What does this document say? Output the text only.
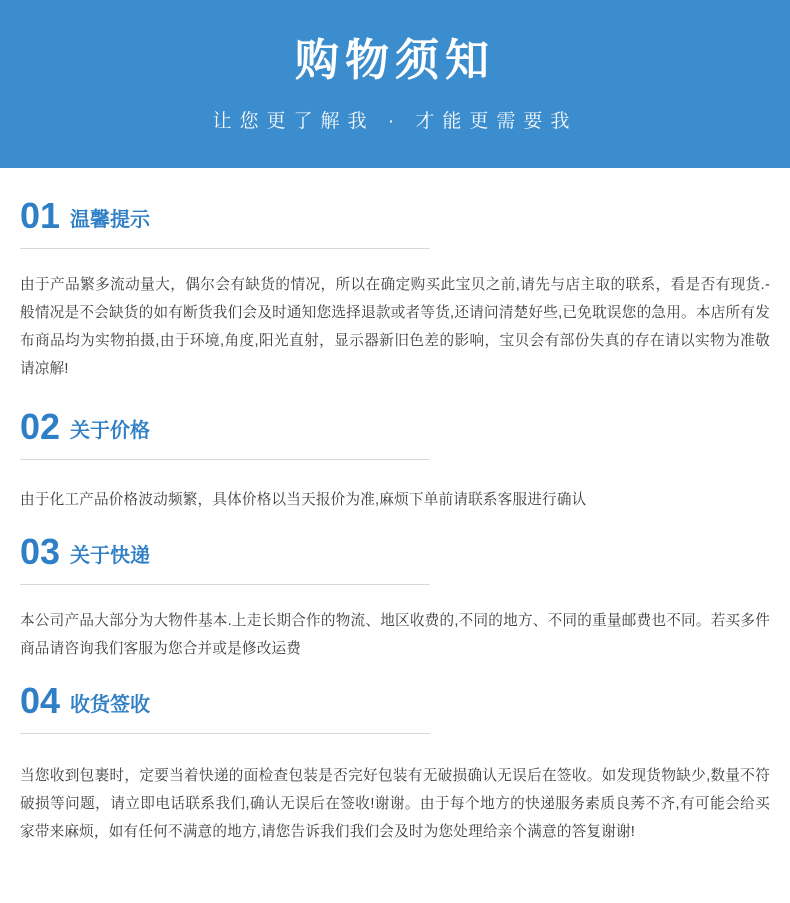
购物须知
让您更了解我 · 才能更需要我
01 温馨提示
由于产品繁多流动量大，偶尔会有缺货的情况，所以在确定购买此宝贝之前,请先与店主取的联系，看是否有现货.-般情况是不会缺货的如有断货我们会及时通知您选择退款或者等货,还请问清楚好些,已免耽误您的急用。本店所有发布商品均为实物拍摄,由于环境,角度,阳光直射，显示器新旧色差的影响，宝贝会有部份失真的存在请以实物为准敬请凉解!
02 关于价格
由于化工产品价格波动频繁，具体价格以当天报价为准,麻烦下单前请联系客服进行确认
03 关于快递
本公司产品大部分为大物件基本.上走长期合作的物流、地区收费的,不同的地方、不同的重量邮费也不同。若买多件商品请咨询我们客服为您合并或是修改运费
04 收货签收
当您收到包裹时，定要当着快递的面检查包装是否完好包装有无破损确认无误后在签收。如发现货物缺少,数量不符破损等问题，请立即电话联系我们,确认无误后在签收!谢谢。由于每个地方的快递服务素质良莠不齐,有可能会给买家带来麻烦，如有任何不满意的地方,请您告诉我们我们会及时为您处理给亲个满意的答复谢谢!
